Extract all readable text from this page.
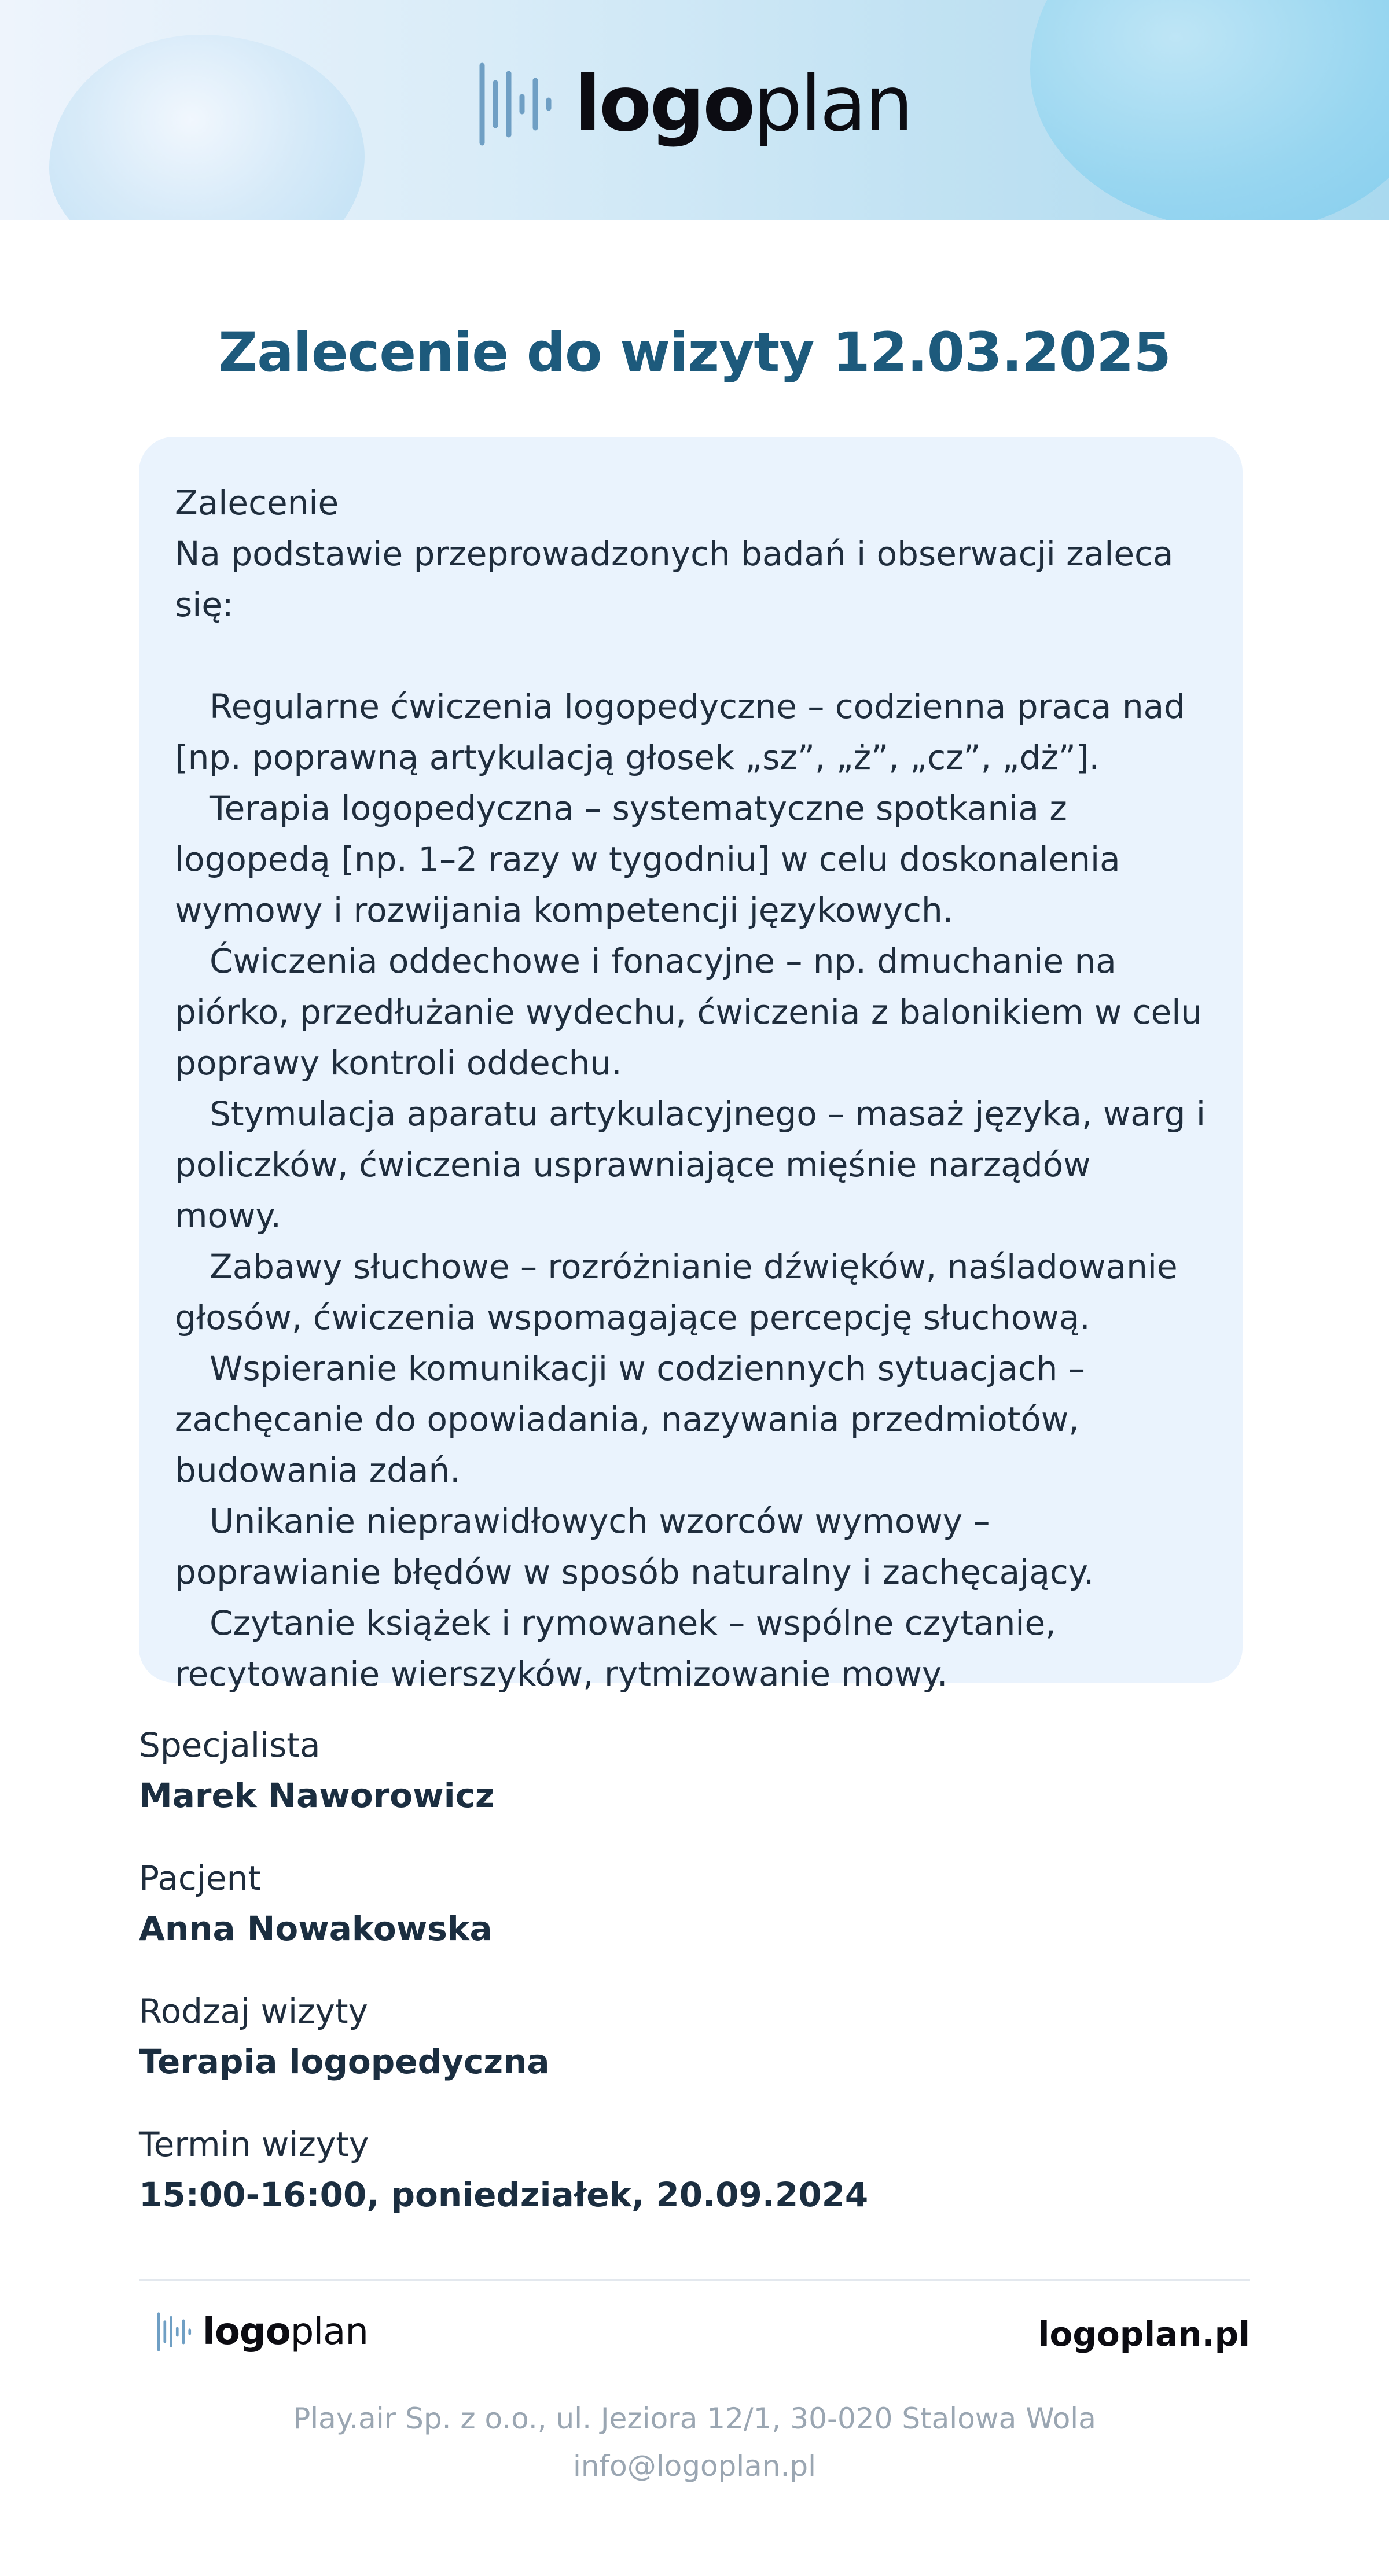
logoplan
Zalecenie do wizyty 12.03.2025

Zalecenie

Na podstawie przeprowadzonych badań i obserwacji zaleca się:

Regularne ćwiczenia logopedyczne – codzienna praca nad [np. poprawną artykulacją głosek „sz”, „ż”, „cz”, „dż”].

Terapia logopedyczna – systematyczne spotkania z logopedą [np. 1–2 razy w tygodniu] w celu doskonalenia wymowy i rozwijania kompetencji językowych.

Ćwiczenia oddechowe i fonacyjne – np. dmuchanie na piórko, przedłużanie wydechu, ćwiczenia z balonikiem w celu poprawy kontroli oddechu.

Stymulacja aparatu artykulacyjnego – masaż języka, warg i policzków, ćwiczenia usprawniające mięśnie narządów mowy.

Zabawy słuchowe – rozróżnianie dźwięków, naśladowanie głosów, ćwiczenia wspomagające percepcję słuchową.

Wspieranie komunikacji w codziennych sytuacjach – zachęcanie do opowiadania, nazywania przedmiotów, budowania zdań.

Unikanie nieprawidłowych wzorców wymowy – poprawianie błędów w sposób naturalny i zachęcający.

Czytanie książek i rymowanek – wspólne czytanie, recytowanie wierszyków, rytmizowanie mowy.

Specjalista
Marek Naworowicz
Pacjent
Anna Nowakowska
Rodzaj wizyty
Terapia logopedyczna
Termin wizyty
15:00-16:00, poniedziałek, 20.09.2024
logoplan	logoplan.pl
Play.air Sp. z o.o., ul. Jeziora 12/1, 30-020 Stalowa Wola
info@logoplan.pl
